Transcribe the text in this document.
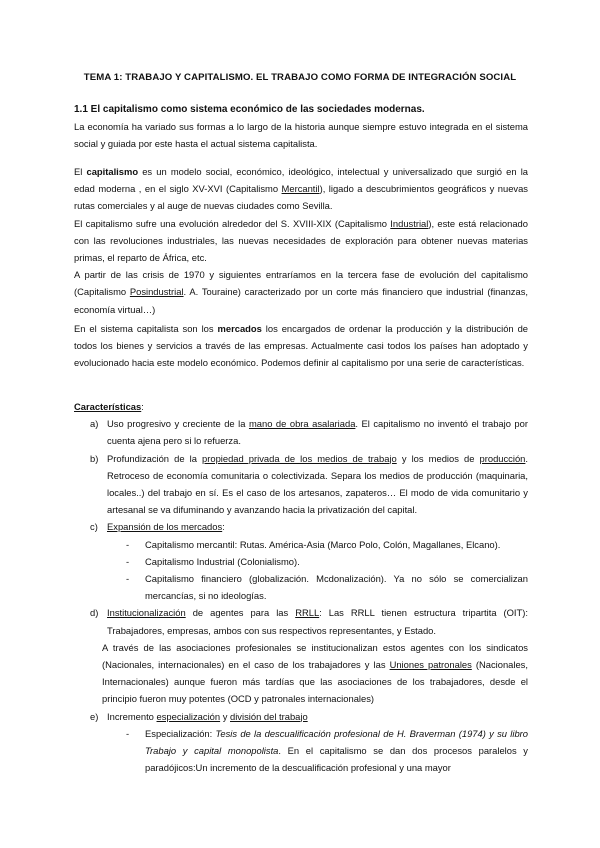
TEMA 1: TRABAJO Y CAPITALISMO. EL TRABAJO COMO FORMA DE INTEGRACIÓN SOCIAL

1.1 El capitalismo como sistema económico de las sociedades modernas.

La economía ha variado sus formas a lo largo de la historia aunque siempre estuvo integrada en el sistema social y guiada por este hasta el actual sistema capitalista.

El capitalismo es un modelo social, económico, ideológico, intelectual y universalizado que surgió en la edad moderna , en el siglo XV-XVI (Capitalismo Mercantil), ligado a descubrimientos geográficos y nuevas rutas comerciales y al auge de nuevas ciudades como Sevilla.

El capitalismo sufre una evolución alrededor del S. XVIII-XIX (Capitalismo Industrial), este está relacionado con las revoluciones industriales, las nuevas necesidades de exploración para obtener nuevas materias primas, el reparto de África, etc.

A partir de las crisis de 1970 y siguientes entraríamos en la tercera fase de evolución del capitalismo (Capitalismo Posindustrial. A. Touraine) caracterizado por un corte más financiero que industrial (finanzas, economía virtual…)

En el sistema capitalista son los mercados los encargados de ordenar la producción y la distribución de todos los bienes y servicios a través de las empresas. Actualmente casi todos los países han adoptado y evolucionado hacia este modelo económico. Podemos definir al capitalismo por una serie de características.

Características:

a) Uso progresivo y creciente de la mano de obra asalariada. El capitalismo no inventó el trabajo por cuenta ajena pero si lo refuerza.
b) Profundización de la propiedad privada de los medios de trabajo y los medios de producción. Retroceso de economía comunitaria o colectivizada. Separa los medios de producción (maquinaria, locales..) del trabajo en sí. Es el caso de los artesanos, zapateros… El modo de vida comunitario y artesanal se va difuminando y avanzando hacia la privatización del capital.
c) Expansión de los mercados:
- Capitalismo mercantil: Rutas. América-Asia (Marco Polo, Colón, Magallanes, Elcano).
- Capitalismo Industrial (Colonialismo).
- Capitalismo financiero (globalización. Mcdonalización). Ya no sólo se comercializan mercancías, si no ideologías.
d) Institucionalización de agentes para las RRLL: Las RRLL tienen estructura tripartita (OIT): Trabajadores, empresas, ambos con sus respectivos representantes, y Estado.

A través de las asociaciones profesionales se institucionalizan estos agentes con los sindicatos (Nacionales, internacionales) en el caso de los trabajadores y las Uniones patronales (Nacionales, Internacionales) aunque fueron más tardías que las asociaciones de los trabajadores, desde el principio fueron muy potentes (OCD y patronales internacionales)

e) Incremento especialización y división del trabajo
- Especialización: Tesis de la descualificación profesional de H. Braverman (1974) y su libro Trabajo y capital monopolista. En el capitalismo se dan dos procesos paralelos y paradójicos:Un incremento de la descualificación profesional y una mayor
